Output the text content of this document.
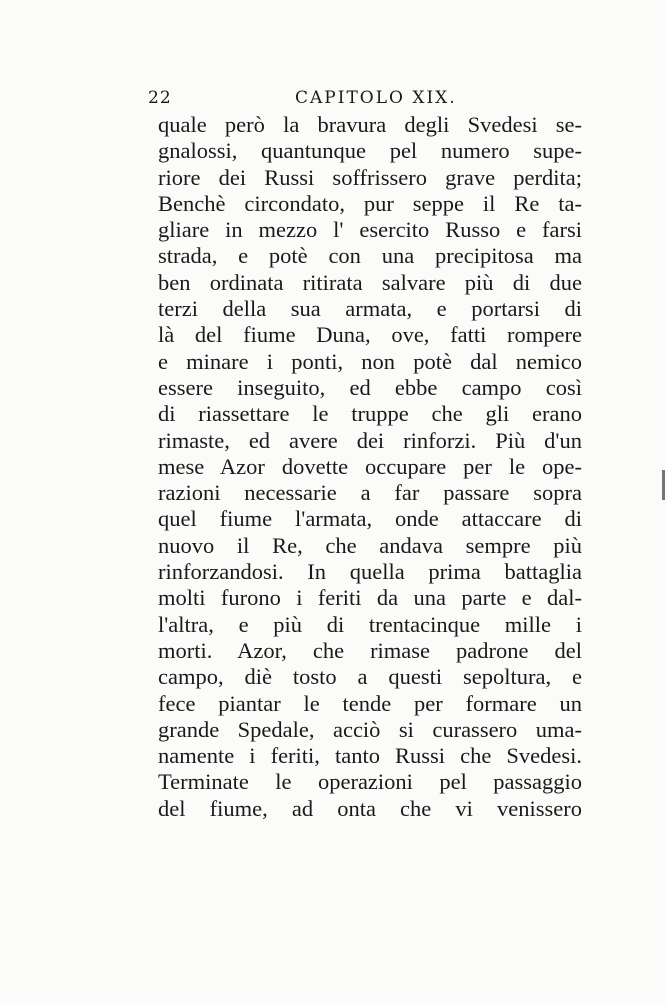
22	CAPITOLO XIX.
quale però la bravura degli Svedesi se-
gnalossi, quantunque pel numero supe-
riore dei Russi soffrissero grave perdita;
Benchè circondato, pur seppe il Re ta-
gliare in mezzo l' esercito Russo e farsi
strada, e potè con una precipitosa ma
ben ordinata ritirata salvare più di due
terzi della sua armata, e portarsi di
là del fiume Duna, ove, fatti rompere
e minare i ponti, non potè dal nemico
essere inseguito, ed ebbe campo così
di riassettare le truppe che gli erano
rimaste, ed avere dei rinforzi. Più d'un
mese Azor dovette occupare per le ope-
razioni necessarie a far passare sopra
quel fiume l'armata, onde attaccare di
nuovo il Re, che andava sempre più
rinforzandosi. In quella prima battaglia
molti furono i feriti da una parte e dal-
l'altra, e più di trentacinque mille i
morti. Azor, che rimase padrone del
campo, diè tosto a questi sepoltura, e
fece piantar le tende per formare un
grande Spedale, acciò si curassero uma-
namente i feriti, tanto Russi che Svedesi.
Terminate le operazioni pel passaggio
del fiume, ad onta che vi venissero
